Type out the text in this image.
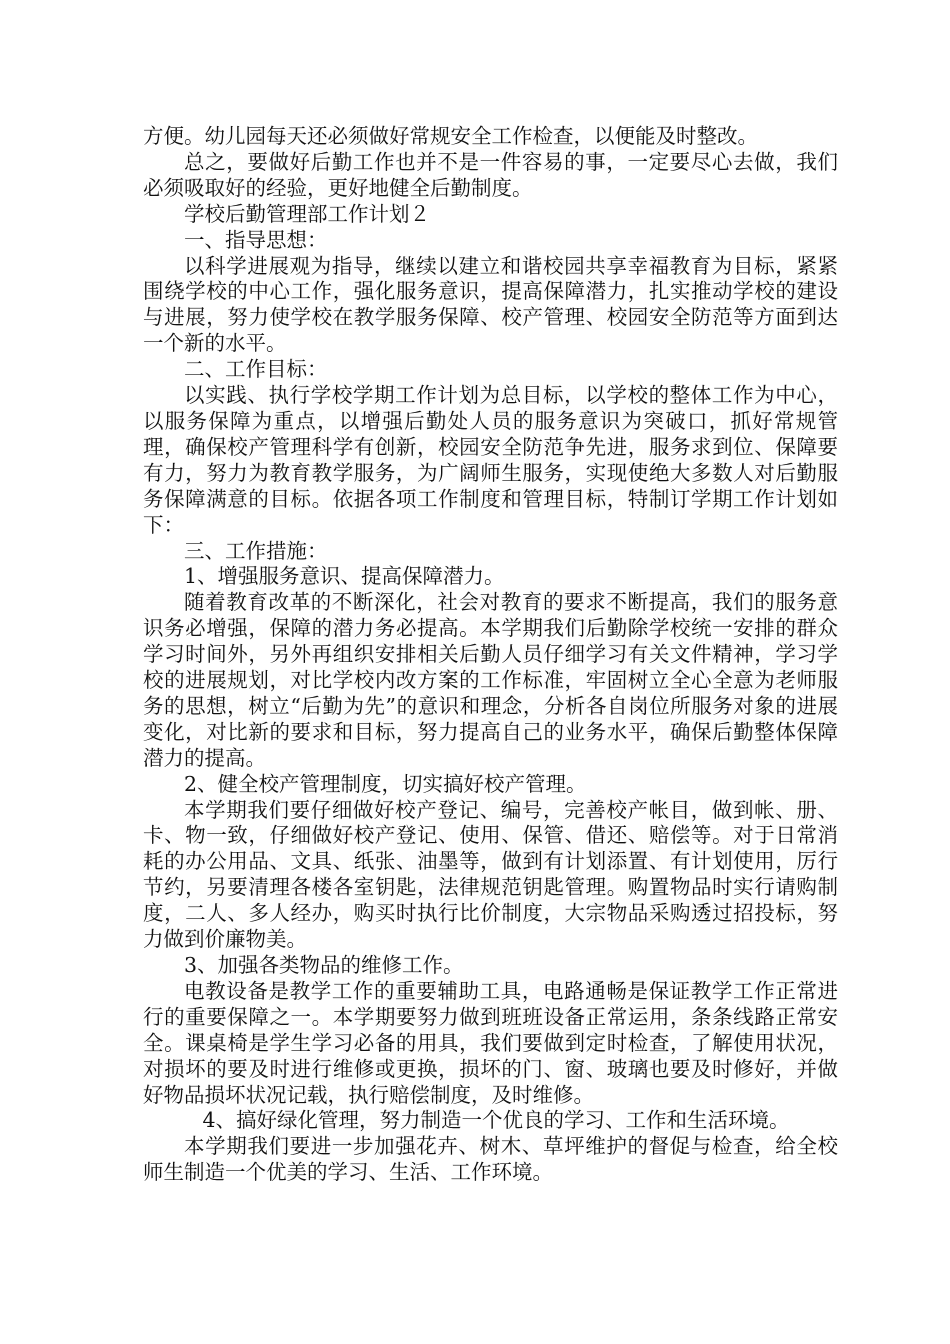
方便。幼儿园每天还必须做好常规安全工作检查，以便能及时整改。

总之，要做好后勤工作也并不是一件容易的事，一定要尽心去做，我们必须吸取好的经验，更好地健全后勤制度。

学校后勤管理部工作计划２

一、指导思想：

以科学进展观为指导，继续以建立和谐校园共享幸福教育为目标，紧紧围绕学校的中心工作，强化服务意识，提高保障潜力，扎实推动学校的建设与进展，努力使学校在教学服务保障、校产管理、校园安全防范等方面到达一个新的水平。

二、工作目标：

以实践、执行学校学期工作计划为总目标，以学校的整体工作为中心，以服务保障为重点，以增强后勤处人员的服务意识为突破口，抓好常规管理，确保校产管理科学有创新，校园安全防范争先进，服务求到位、保障要有力，努力为教育教学服务，为广阔师生服务，实现使绝大多数人对后勤服务保障满意的目标。依据各项工作制度和管理目标，特制订学期工作计划如下：

三、工作措施：

1、增强服务意识、提高保障潜力。

随着教育改革的不断深化，社会对教育的要求不断提高，我们的服务意识务必增强，保障的潜力务必提高。本学期我们后勤除学校统一安排的群众学习时间外，另外再组织安排相关后勤人员仔细学习有关文件精神，学习学校的进展规划，对比学校内改方案的工作标准，牢固树立全心全意为老师服务的思想，树立“后勤为先”的意识和理念，分析各自岗位所服务对象的进展变化，对比新的要求和目标，努力提高自己的业务水平，确保后勤整体保障潜力的提高。

2、健全校产管理制度，切实搞好校产管理。

本学期我们要仔细做好校产登记、编号，完善校产帐目，做到帐、册、卡、物一致，仔细做好校产登记、使用、保管、借还、赔偿等。对于日常消耗的办公用品、文具、纸张、油墨等，做到有计划添置、有计划使用，厉行节约，另要清理各楼各室钥匙，法律规范钥匙管理。购置物品时实行请购制度，二人、多人经办，购买时执行比价制度，大宗物品采购透过招投标，努力做到价廉物美。

3、加强各类物品的维修工作。

电教设备是教学工作的重要辅助工具，电路通畅是保证教学工作正常进行的重要保障之一。本学期要努力做到班班设备正常运用，条条线路正常安全。课桌椅是学生学习必备的用具，我们要做到定时检查，了解使用状况，对损坏的要及时进行维修或更换，损坏的门、窗、玻璃也要及时修好，并做好物品损坏状况记载，执行赔偿制度，及时维修。

4、搞好绿化管理，努力制造一个优良的学习、工作和生活环境。

本学期我们要进一步加强花卉、树木、草坪维护的督促与检查，给全校师生制造一个优美的学习、生活、工作环境。
